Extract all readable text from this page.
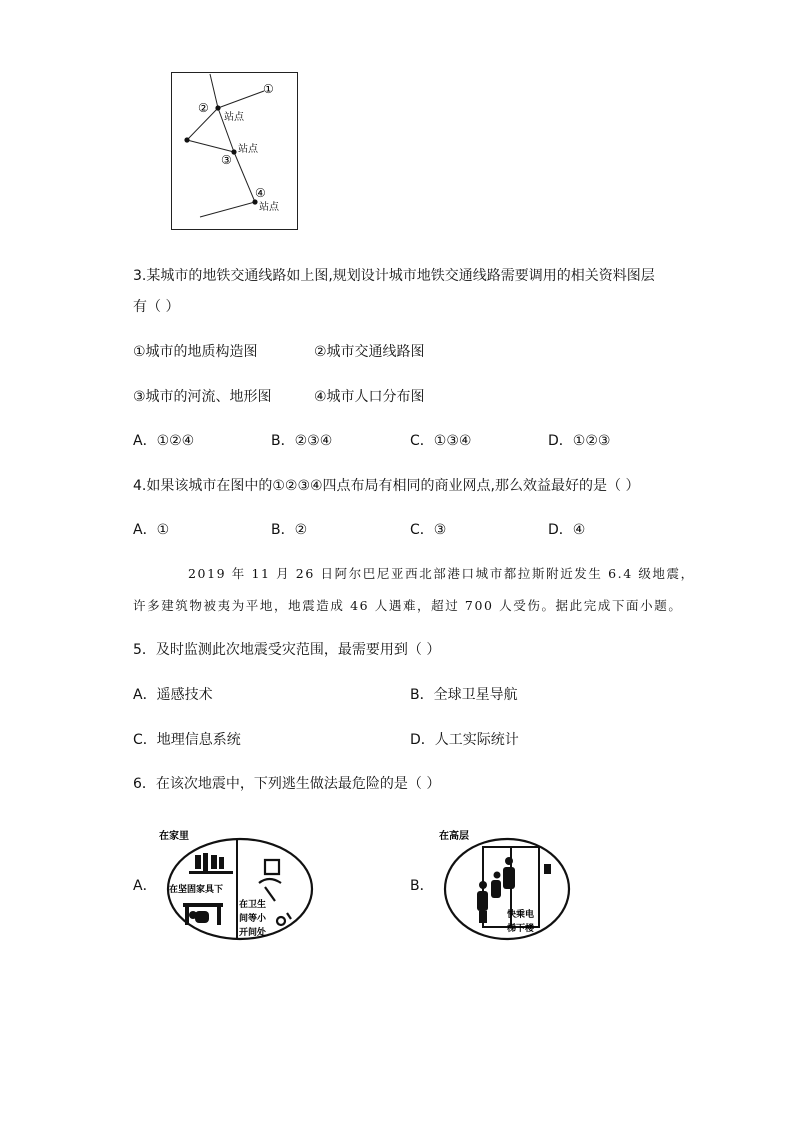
①
②
站点
站点
③
④
站点
3.某城市的地铁交通线路如上图,规划设计城市地铁交通线路需要调用的相关资料图层
有（ ）
①城市的地质构造图	②城市交通线路图
③城市的河流、地形图	④城市人口分布图
A．①②④	B．②③④	C．①③④	D．①②③
4.如果该城市在图中的①②③④四点布局有相同的商业网点,那么效益最好的是（ ）
A．①	B．②	C．③	D．④
2019 年 11 月 26 日阿尔巴尼亚西北部港口城市都拉斯附近发生 6.4 级地震，
许多建筑物被夷为平地，地震造成 46 人遇难，超过 700 人受伤。据此完成下面小题。
5．及时监测此次地震受灾范围，最需要用到（ ）
A．遥感技术	B．全球卫星导航
C．地理信息系统	D．人工实际统计
6．在该次地震中，下列逃生做法最危险的是（ ）
A．	B．
在家里
在坚固家具下
在卫生
间等小
开间处
在高层
快乘电
梯下楼
